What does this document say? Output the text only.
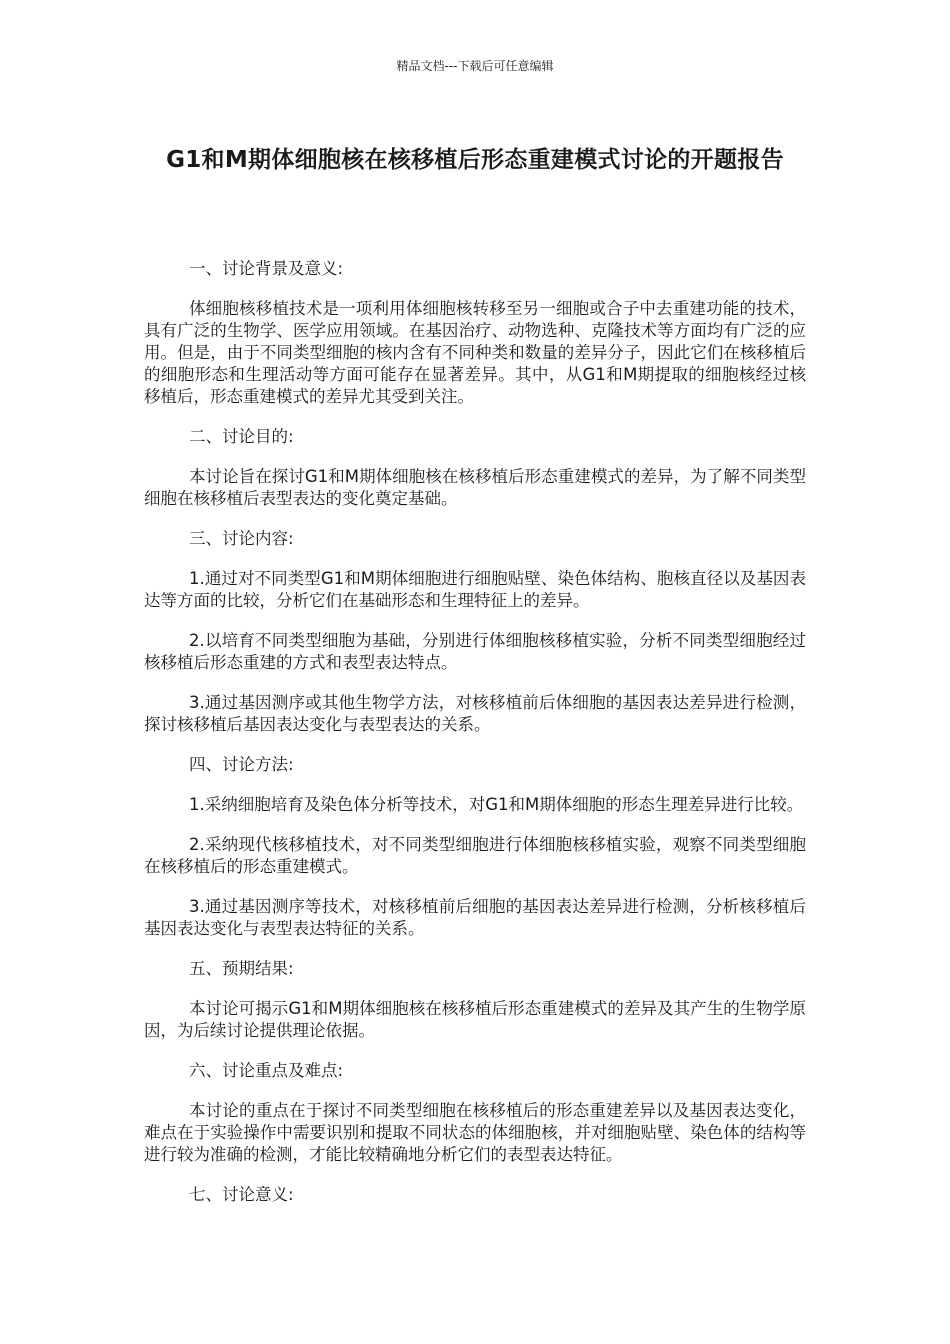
精品文档---下载后可任意编辑
G1和M期体细胞核在核移植后形态重建模式讨论的开题报告

一、讨论背景及意义:

体细胞核移植技术是一项利用体细胞核转移至另一细胞或合子中去重建功能的技术，具有广泛的生物学、医学应用领域。在基因治疗、动物选种、克隆技术等方面均有广泛的应用。但是，由于不同类型细胞的核内含有不同种类和数量的差异分子，因此它们在核移植后的细胞形态和生理活动等方面可能存在显著差异。其中，从G1和M期提取的细胞核经过核移植后，形态重建模式的差异尤其受到关注。

二、讨论目的:

本讨论旨在探讨G1和M期体细胞核在核移植后形态重建模式的差异，为了解不同类型细胞在核移植后表型表达的变化奠定基础。

三、讨论内容:

1.通过对不同类型G1和M期体细胞进行细胞贴壁、染色体结构、胞核直径以及基因表达等方面的比较，分析它们在基础形态和生理特征上的差异。

2.以培育不同类型细胞为基础，分别进行体细胞核移植实验，分析不同类型细胞经过核移植后形态重建的方式和表型表达特点。

3.通过基因测序或其他生物学方法，对核移植前后体细胞的基因表达差异进行检测，探讨核移植后基因表达变化与表型表达的关系。

四、讨论方法:

1.采纳细胞培育及染色体分析等技术，对G1和M期体细胞的形态生理差异进行比较。

2.采纳现代核移植技术，对不同类型细胞进行体细胞核移植实验，观察不同类型细胞在核移植后的形态重建模式。

3.通过基因测序等技术，对核移植前后细胞的基因表达差异进行检测，分析核移植后基因表达变化与表型表达特征的关系。

五、预期结果:

本讨论可揭示G1和M期体细胞核在核移植后形态重建模式的差异及其产生的生物学原因，为后续讨论提供理论依据。

六、讨论重点及难点:

本讨论的重点在于探讨不同类型细胞在核移植后的形态重建差异以及基因表达变化，难点在于实验操作中需要识别和提取不同状态的体细胞核，并对细胞贴壁、染色体的结构等进行较为准确的检测，才能比较精确地分析它们的表型表达特征。

七、讨论意义:
